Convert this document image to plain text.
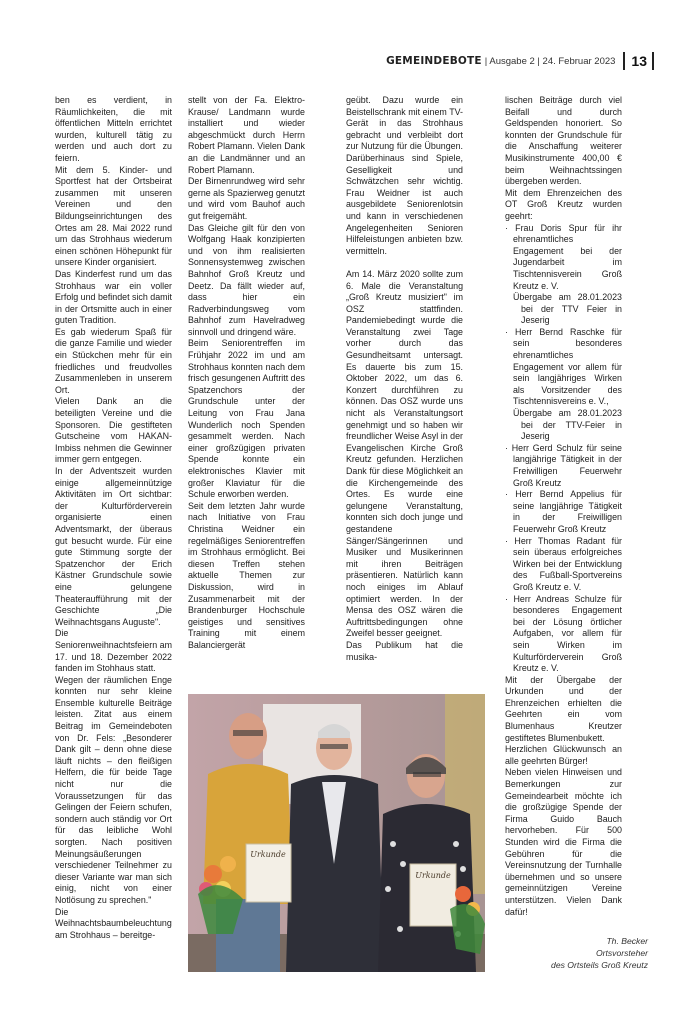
GEMEINDEBOTE | Ausgabe 2 | 24. Februar 2023 13

ben es verdient, in Räumlichkeiten, die mit öffentlichen Mitteln errichtet wurden, kulturell tätig zu werden und auch dort zu feiern.

Mit dem 5. Kinder- und Sportfest hat der Ortsbeirat zusammen mit unseren Vereinen und den Bildungseinrichtungen des Ortes am 28. Mai 2022 rund um das Strohhaus wiederum einen schönen Höhepunkt für unsere Kinder organisiert.

Das Kinderfest rund um das Strohhaus war ein voller Erfolg und befindet sich damit in der Ortsmitte auch in einer guten Tradition.

Es gab wiederum Spaß für die ganze Familie und wieder ein Stückchen mehr für ein friedliches und freudvolles Zusammenleben in unserem Ort.

Vielen Dank an die beteiligten Vereine und die Sponsoren. Die gestifteten Gutscheine vom HAKAN-Imbiss nehmen die Gewinner immer gern entgegen.

In der Adventszeit wurden einige allgemeinnützige Aktivitäten im Ort sichtbar: der Kulturförderverein organisierte einen Adventsmarkt, der überaus gut besucht wurde. Für eine gute Stimmung sorgte der Spatzenchor der Erich Kästner Grundschule sowie eine gelungene Theateraufführung mit der Geschichte „Die Weihnachtsgans Auguste".

Die Seniorenweihnachtsfeiern am 17. und 18. Dezember 2022 fanden im Stohhaus statt.

Wegen der räumlichen Enge konnten nur sehr kleine Ensemble kulturelle Beiträge leisten. Zitat aus einem Beitrag im Gemeindeboten von Dr. Fels: „Besonderer Dank gilt – denn ohne diese läuft nichts – den fleißigen Helfern, die für beide Tage nicht nur die Voraussetzungen für das Gelingen der Feiern schufen, sondern auch ständig vor Ort für das leibliche Wohl sorgten. Nach positiven Meinungsäußerungen verschiedener Teilnehmer zu dieser Variante war man sich einig, nicht von einer Notlösung zu sprechen."

Die Weihnachtsbaumbeleuchtung am Strohhaus – bereitge-

stellt von der Fa. Elektro-Krause/ Landmann wurde installiert und wieder abgeschmückt durch Herrn Robert Plamann. Vielen Dank an die Landmänner und an Robert Plamann.

Der Birnenrundweg wird sehr gerne als Spazierweg genutzt und wird vom Bauhof auch gut freigemäht.

Das Gleiche gilt für den von Wolfgang Haak konzipierten und von ihm realisierten Sonnensystemweg zwischen Bahnhof Groß Kreutz und Deetz. Da fällt wieder auf, dass hier ein Radverbindungsweg vom Bahnhof zum Havelradweg sinnvoll und dringend wäre.

Beim Seniorentreffen im Frühjahr 2022 im und am Strohhaus konnten nach dem frisch gesungenen Auftritt des Spatzenchors der Grundschule unter der Leitung von Frau Jana Wunderlich noch Spenden gesammelt werden. Nach einer großzügigen privaten Spende konnte ein elektronisches Klavier mit großer Klaviatur für die Schule erworben werden.

Seit dem letzten Jahr wurde nach Initiative von Frau Christina Weidner ein regelmäßiges Seniorentreffen im Strohhaus ermöglicht. Bei diesen Treffen stehen aktuelle Themen zur Diskussion, wird in Zusammenarbeit mit der Brandenburger Hochschule geistiges und sensitives Training mit einem Balanciergerät

geübt. Dazu wurde ein Beistellschrank mit einem TV-Gerät in das Strohhaus gebracht und verbleibt dort zur Nutzung für die Übungen. Darüberhinaus sind Spiele, Geselligkeit und Schwätzchen sehr wichtig. Frau Weidner ist auch ausgebildete Seniorenlotsin und kann in verschiedenen Angelegenheiten Senioren Hilfeleistungen anbieten bzw. vermitteln.

Am 14. März 2020 sollte zum 6. Male die Veranstaltung „Groß Kreutz musiziert" im OSZ stattfinden. Pandemiebedingt wurde die Veranstaltung zwei Tage vorher durch das Gesundheitsamt untersagt. Es dauerte bis zum 15. Oktober 2022, um das 6. Konzert durchführen zu können. Das OSZ wurde uns nicht als Veranstaltungsort genehmigt und so haben wir freundlicher Weise Asyl in der Evangelischen Kirche Groß Kreutz gefunden. Herzlichen Dank für diese Möglichkeit an die Kirchengemeinde des Ortes. Es wurde eine gelungene Veranstaltung, konnten sich doch junge und gestandene Sänger/Sängerinnen und Musiker und Musikerinnen mit ihren Beiträgen präsentieren. Natürlich kann noch einiges im Ablauf optimiert werden. In der Mensa des OSZ wären die Auftrittsbedingungen ohne Zweifel besser geeignet.

Das Publikum hat die musika-

lischen Beiträge durch viel Beifall und durch Geldspenden honoriert. So konnten der Grundschule für die Anschaffung weiterer Musikinstrumente 400,00 € beim Weihnachtssingen übergeben werden.

Mit dem Ehrenzeichen des OT Groß Kreutz wurden geehrt:

· Frau Doris Spur für ihr ehrenamtliches Engagement bei der Jugendarbeit im Tischtennisverein Groß Kreutz e. V.
Übergabe am 28.01.2023 bei der TTV Feier in Jeserig
· Herr Bernd Raschke für sein besonderes ehrenamtliches Engagement vor allem für sein langjähriges Wirken als Vorsitzender des Tischtennisvereins e. V.,
Übergabe am 28.01.2023 bei der TTV-Feier in Jeserig
· Herr Gerd Schulz für seine langjährige Tätigkeit in der Freiwilligen Feuerwehr Groß Kreutz
· Herr Bernd Appelius für seine langjährige Tätigkeit in der Freiwilligen Feuerwehr Groß Kreutz
· Herr Thomas Radant für sein überaus erfolgreiches Wirken bei der Entwicklung des Fußball-Sportvereins Groß Kreutz e. V.
· Herr Andreas Schulze für besonderes Engagement bei der Lösung örtlicher Aufgaben, vor allem für sein Wirken im Kulturförderverein Groß Kreutz e. V.

Mit der Übergabe der Urkunden und der Ehrenzeichen erhielten die Geehrten ein vom Blumenhaus Kreutzer gestiftetes Blumenbukett.

Herzlichen Glückwunsch an alle geehrten Bürger!

Neben vielen Hinweisen und Bemerkungen zur Gemeindearbeit möchte ich die großzügige Spende der Firma Guido Bauch hervorheben. Für 500 Stunden wird die Firma die Gebühren für die Vereinsnutzung der Turnhalle übernehmen und so unsere gemeinnützigen Vereine unterstützen. Vielen Dank dafür!

Th. Becker
Ortsvorsteher
des Ortsteils Groß Kreutz
Urkunde
Urkunde
